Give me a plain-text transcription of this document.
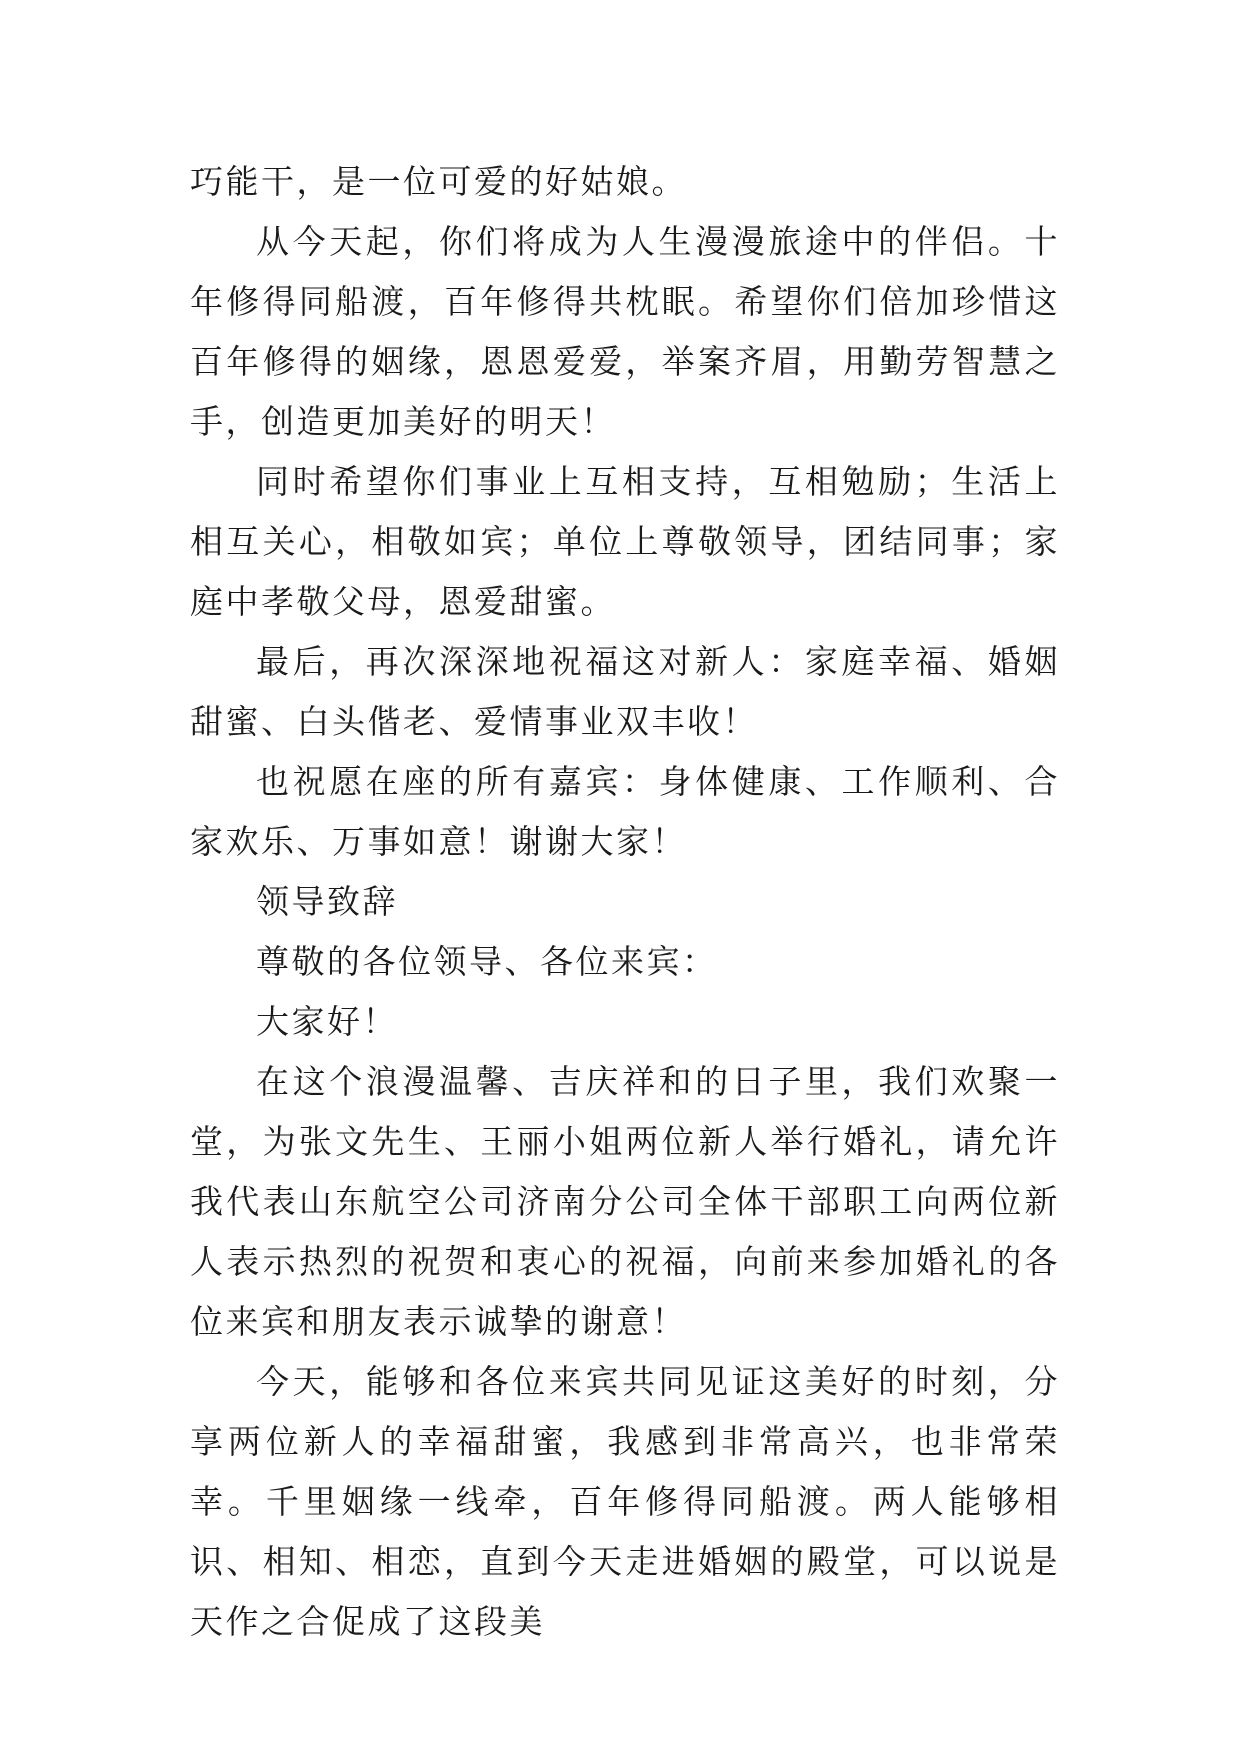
巧能干，是一位可爱的好姑娘。

从今天起，你们将成为人生漫漫旅途中的伴侣。十年修得同船渡，百年修得共枕眠。希望你们倍加珍惜这百年修得的姻缘，恩恩爱爱，举案齐眉，用勤劳智慧之手，创造更加美好的明天！

同时希望你们事业上互相支持，互相勉励；生活上相互关心，相敬如宾；单位上尊敬领导，团结同事；家庭中孝敬父母，恩爱甜蜜。

最后，再次深深地祝福这对新人：家庭幸福、婚姻甜蜜、白头偕老、爱情事业双丰收！

也祝愿在座的所有嘉宾：身体健康、工作顺利、合家欢乐、万事如意！谢谢大家！

领导致辞

尊敬的各位领导、各位来宾：

大家好！

在这个浪漫温馨、吉庆祥和的日子里，我们欢聚一堂，为张文先生、王丽小姐两位新人举行婚礼，请允许我代表山东航空公司济南分公司全体干部职工向两位新人表示热烈的祝贺和衷心的祝福，向前来参加婚礼的各位来宾和朋友表示诚挚的谢意！

今天，能够和各位来宾共同见证这美好的时刻，分享两位新人的幸福甜蜜，我感到非常高兴，也非常荣幸。千里姻缘一线牵，百年修得同船渡。两人能够相识、相知、相恋，直到今天走进婚姻的殿堂，可以说是天作之合促成了这段美
